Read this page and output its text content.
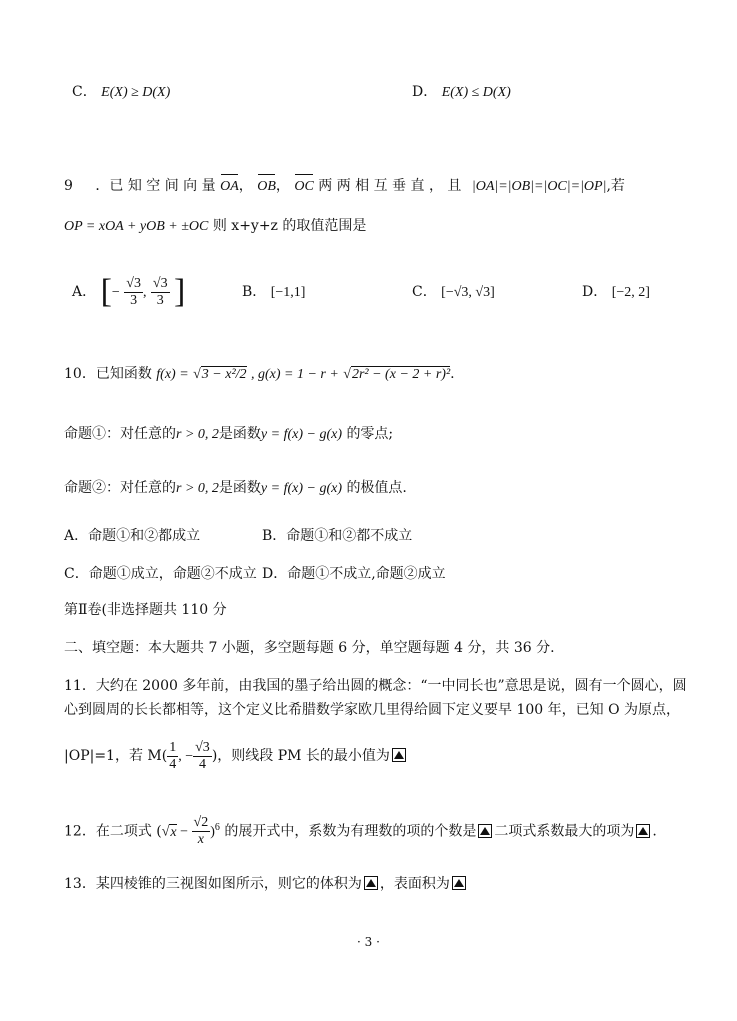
C． E(X) ≥ D(X)	D． E(X) ≤ D(X)
9 ．已 知 空 间 向 量 OA， OB， OC 两 两 相 互 垂 直 ， 且 |OA|=|OB|=|OC|=|OP|,若
OP = xOA + yOB + ±OC 则 x+y+z 的取值范围是
A． [− $\frac{√3}{3}$ , $\frac{√3}{3}$ ]	B． [−1,1]	C． [−√3, √3]	D． [−2, 2]
10．已知函数 f(x) = √3 − x²/2 , g(x) = 1 − r + √2r² − (x − 2 + r)².
命题①：对任意的r > 0, 2是函数y = f(x) − g(x) 的零点;
命题②：对任意的r > 0, 2是函数y = f(x) − g(x) 的极值点.
A．命题①和②都成立	B．命题①和②都不成立
C．命题①成立，命题②不成立 D．命题①不成立,命题②成立
第Ⅱ卷(非选择题共 110 分
二、填空题：本大题共 7 小题，多空题每题 6 分，单空题每题 4 分，共 36 分.
11．大约在 2000 多年前，由我国的墨子给出圆的概念：“一中同长也”意思是说，圆有一个圆心，圆
心到圆周的长长都相等，这个定义比希腊数学家欧几里得给圆下定义要早 100 年，已知 O 为原点，
|OP|=1，若 $M( \frac{1}{4}$ , − $\frac{√3}{4}$ )，则线段 PM 长的最小值为
12．在二项式 $(√x - \frac{√2}{x} )^6$ 的展开式中，系数为有理数的项的个数是 二项式系数最大的项为 .
13．某四棱锥的三视图如图所示，则它的体积为 ，表面积为
· 3 ·
